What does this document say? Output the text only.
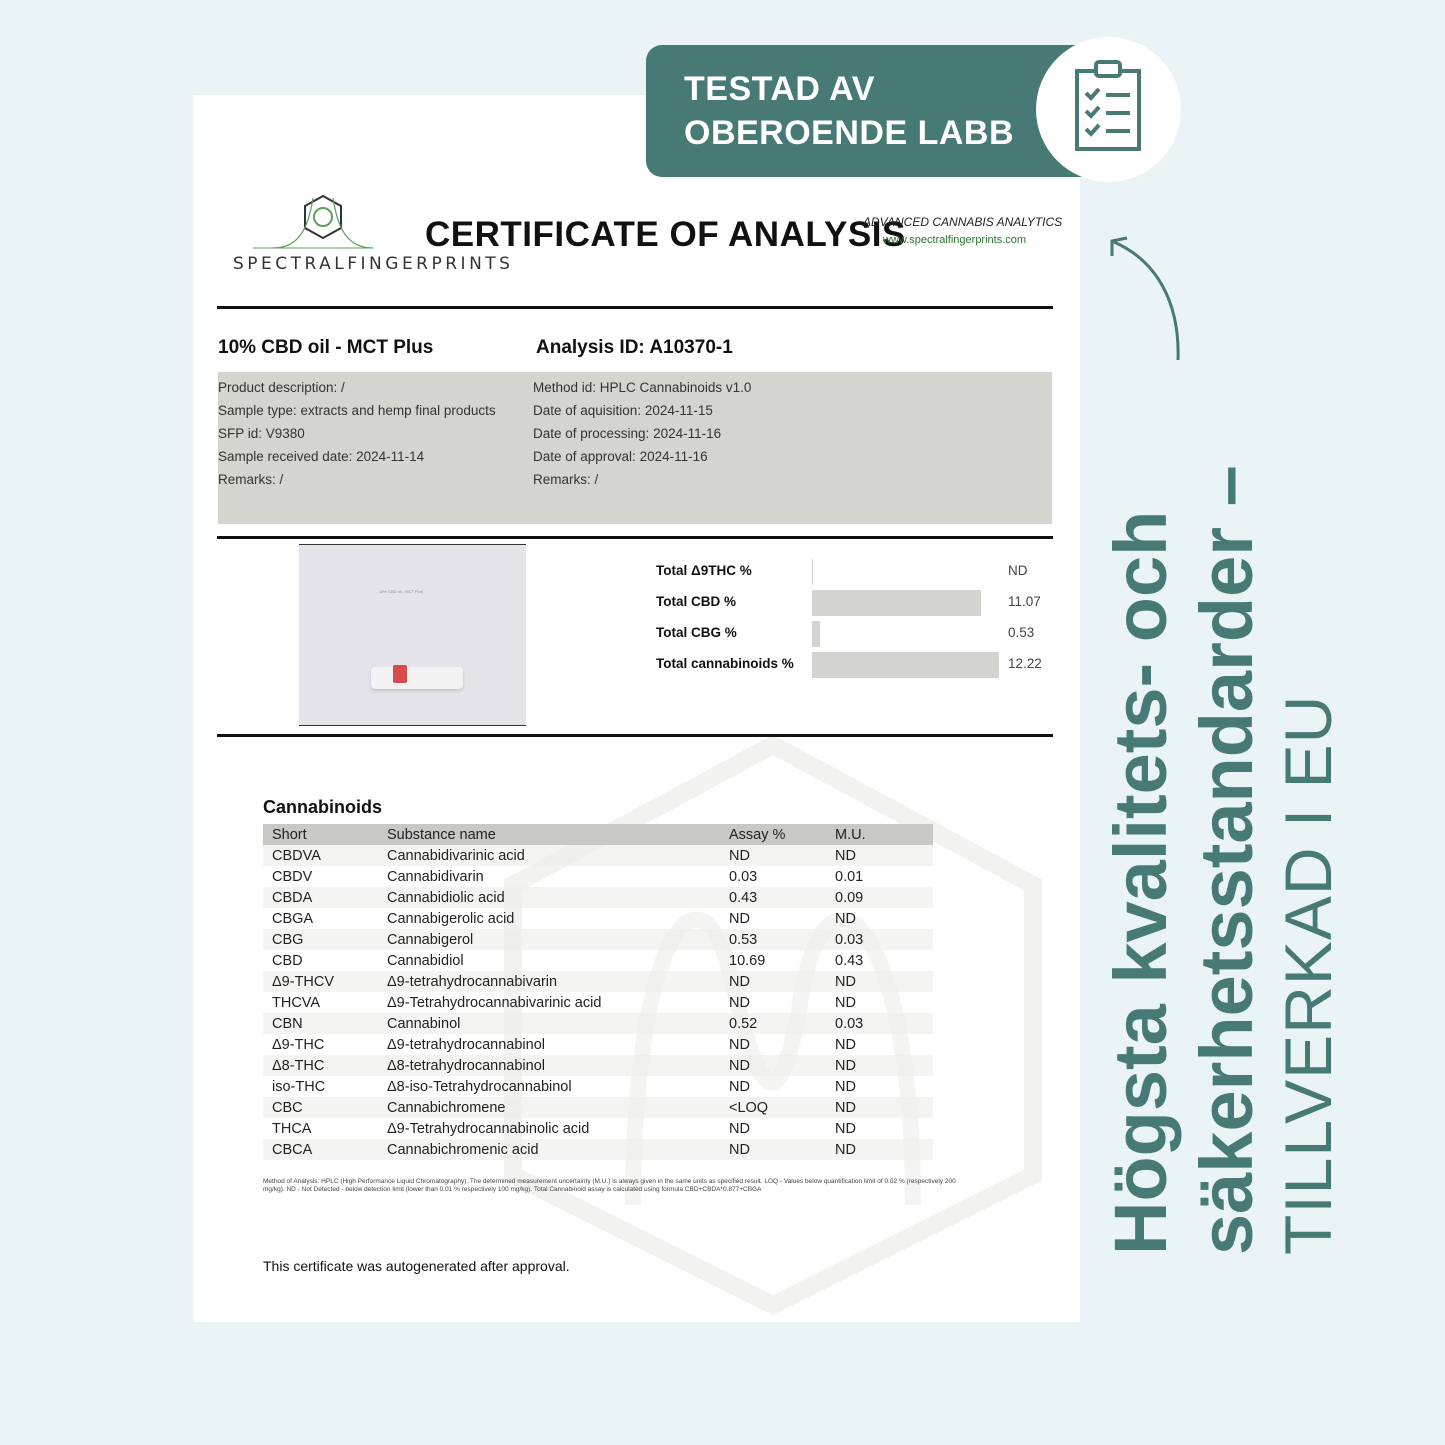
SPECTRALFINGERPRINTS
CERTIFICATE OF ANALYSIS
ADVANCED CANNABIS ANALYTICS
www.spectralfingerprints.com
10% CBD oil - MCT Plus	Analysis ID: A10370-1
Product description: /
Sample type: extracts and hemp final products
SFP id: V9380
Sample received date: 2024-11-14
Remarks: /
Method id: HPLC Cannabinoids v1.0
Date of aquisition: 2024-11-15
Date of processing: 2024-11-16
Date of approval: 2024-11-16
Remarks: /
10% CBD oil - MCT Plus
Total Δ9THC %	ND
Total CBD %	11.07
Total CBG %	0.53
Total cannabinoids %	12.22
Cannabinoids
Short	Substance name	Assay %	M.U.
CBDVA	Cannabidivarinic acid	ND	ND
CBDV	Cannabidivarin	0.03	0.01
CBDA	Cannabidiolic acid	0.43	0.09
CBGA	Cannabigerolic acid	ND	ND
CBG	Cannabigerol	0.53	0.03
CBD	Cannabidiol	10.69	0.43
Δ9-THCV	Δ9-tetrahydrocannabivarin	ND	ND
THCVA	Δ9-Tetrahydrocannabivarinic acid	ND	ND
CBN	Cannabinol	0.52	0.03
Δ9-THC	Δ9-tetrahydrocannabinol	ND	ND
Δ8-THC	Δ8-tetrahydrocannabinol	ND	ND
iso-THC	Δ8-iso-Tetrahydrocannabinol	ND	ND
CBC	Cannabichromene	<LOQ	ND
THCA	Δ9-Tetrahydrocannabinolic acid	ND	ND
CBCA	Cannabichromenic acid	ND	ND
Method of Analysis: HPLC (High Performance Liquid Chromatography). The determined measurement uncertainty (M.U.) is always given in the same units as specified result. LOQ - Values below quantification limit of 0.02 % (respectively 200 mg/kg). ND - Not Detected - below detection limit (lower than 0.01 % respectively 100 mg/kg). Total Cannabinoid assay is calculated using formula CBD+CBDA*0.877+CBGA
This certificate was autogenerated after approval.
TESTAD AV
OBEROENDE LABB
Högsta kvalitets- och säkerhetsstandarder – TILLVERKAD I EU
